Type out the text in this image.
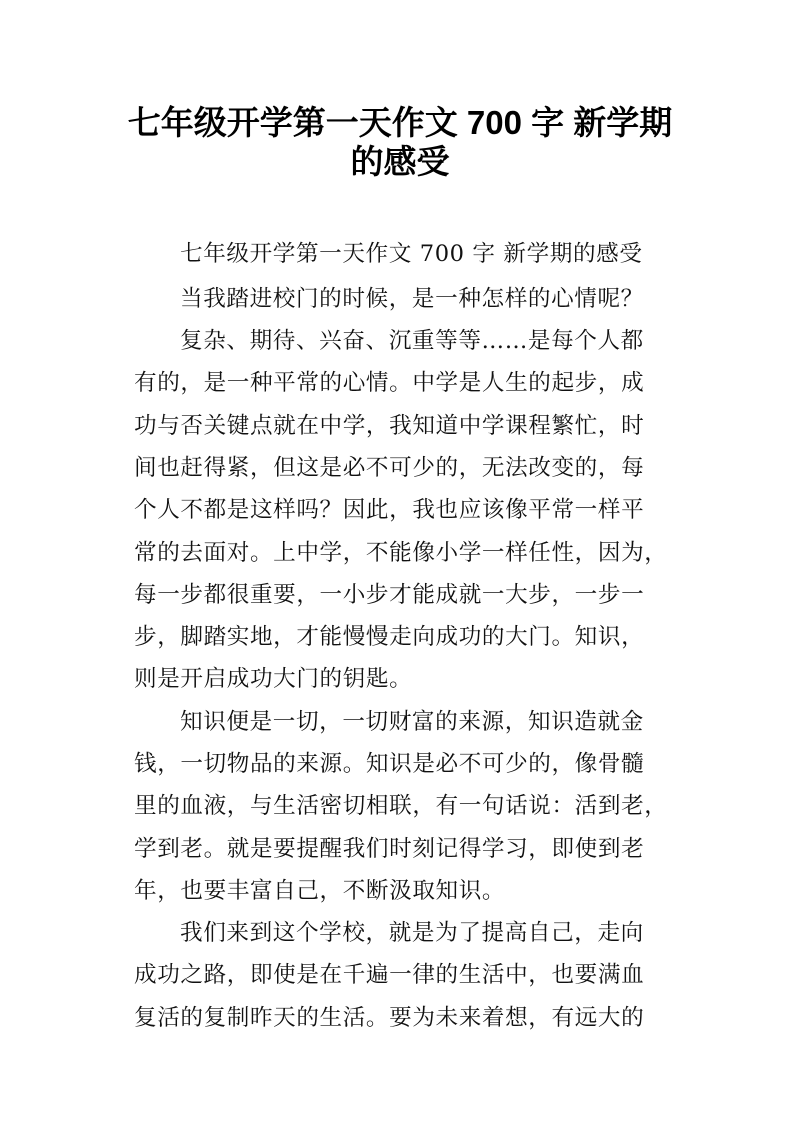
七年级开学第一天作文 700 字 新学期
的感受
七年级开学第一天作文 700 字 新学期的感受
当我踏进校门的时候，是一种怎样的心情呢？
复杂、期待、兴奋、沉重等等……是每个人都
有的，是一种平常的心情。中学是人生的起步，成
功与否关键点就在中学，我知道中学课程繁忙，时
间也赶得紧，但这是必不可少的，无法改变的，每
个人不都是这样吗？因此，我也应该像平常一样平
常的去面对。上中学，不能像小学一样任性，因为，
每一步都很重要，一小步才能成就一大步，一步一
步，脚踏实地，才能慢慢走向成功的大门。知识，
则是开启成功大门的钥匙。
知识便是一切，一切财富的来源，知识造就金
钱，一切物品的来源。知识是必不可少的，像骨髓
里的血液，与生活密切相联，有一句话说：活到老，
学到老。就是要提醒我们时刻记得学习，即使到老
年，也要丰富自己，不断汲取知识。
我们来到这个学校，就是为了提高自己，走向
成功之路，即使是在千遍一律的生活中，也要满血
复活的复制昨天的生活。要为未来着想，有远大的
